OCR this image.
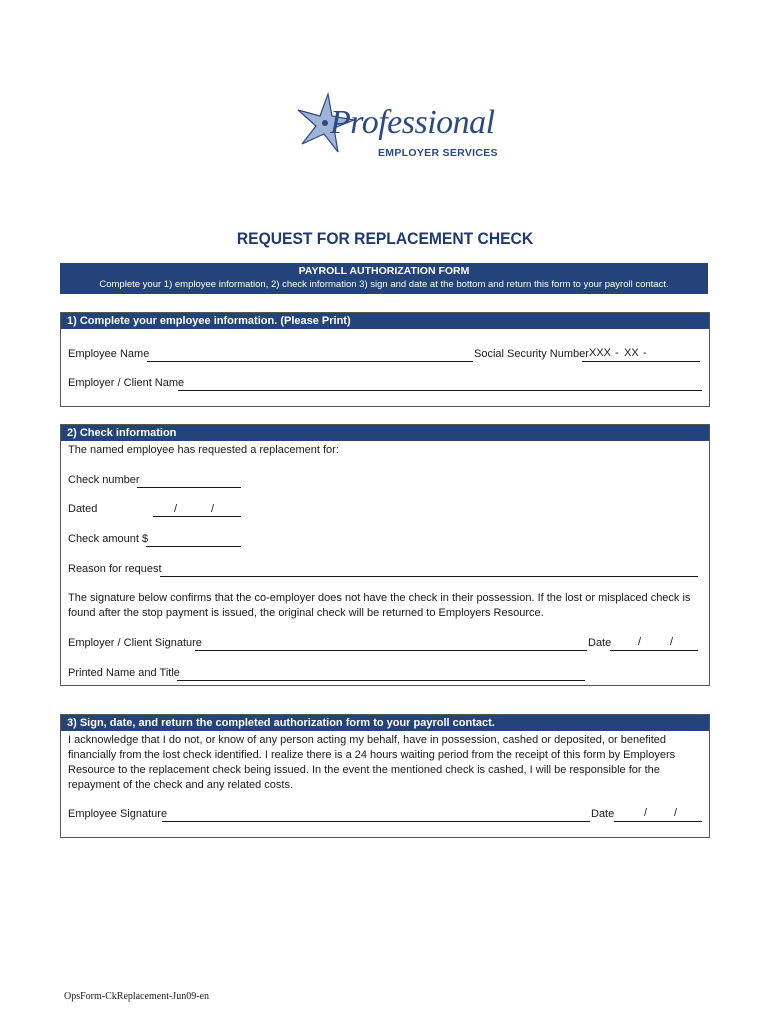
Professional
EMPLOYER SERVICES
REQUEST FOR REPLACEMENT CHECK
PAYROLL AUTHORIZATION FORM
Complete your 1) employee information, 2) check information 3) sign and date at the bottom and return this form to your payroll contact.
1) Complete your employee information. (Please Print)
Employee Name	Social Security Number XXX - XX -
Employer / Client Name
2) Check information
The named employee has requested a replacement for:
Check number
Dated	/	/
Check amount $
Reason for request
The signature below confirms that the co-employer does not have the check in their possession. If the lost or misplaced check is found after the stop payment is issued, the original check will be returned to Employers Resource.
Employer / Client Signature	Date /	/
Printed Name and Title
3) Sign, date, and return the completed authorization form to your payroll contact.
I acknowledge that I do not, or know of any person acting my behalf, have in possession, cashed or deposited, or benefited financially from the lost check identified. I realize there is a 24 hours waiting period from the receipt of this form by Employers Resource to the replacement check being issued. In the event the mentioned check is cashed, I will be responsible for the repayment of the check and any related costs.
Employee Signature	Date	/ /
OpsForm-CkReplacement-Jun09-en
